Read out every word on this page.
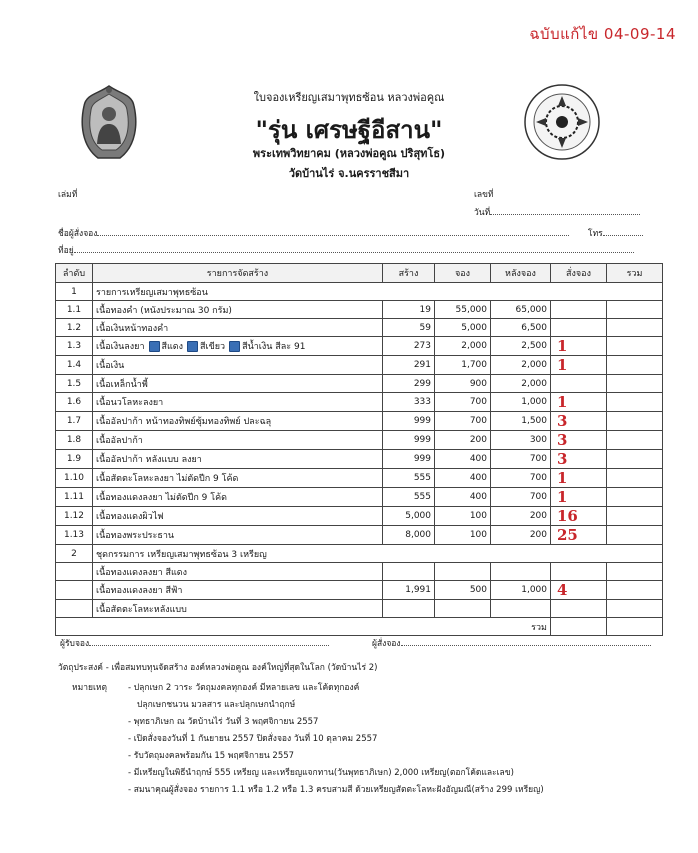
ฉบับแก้ไข 04-09-14
ใบจองเหรียญเสมาพุทธซ้อน หลวงพ่อคูณ
"รุ่น เศรษฐีอีสาน"
พระเทพวิทยาคม (หลวงพ่อคูณ ปริสุทโธ)
วัดบ้านไร่ จ.นครราชสีมา
เล่มที่	เลขที่
วันที่
ชื่อผู้สั่งจอง	โทร
ที่อยู่
ลำดับ	รายการจัดสร้าง	สร้าง	จอง	หลังจอง	สั่งจอง	รวม
1	รายการเหรียญเสมาพุทธซ้อน					
1.1	เนื้อทองคำ (หนังประมาณ 30 กรัม)	19	55,000	65,000		
1.2	เนื้อเงินหน้าทองคำ	59	5,000	6,500		
1.3	เนื้อเงินลงยา สีแดง สีเขียว สีน้ำเงิน สีละ 91	273	2,000	2,500	1	
1.4	เนื้อเงิน	291	1,700	2,000	1	
1.5	เนื้อเหล็กน้ำพี้	299	900	2,000		
1.6	เนื้อนวโลหะลงยา	333	700	1,000	1	
1.7	เนื้ออัลปาก้า หน้าทองทิพย์ซุ้มทองทิพย์ ปละฉลุ	999	700	1,500	3	
1.8	เนื้ออัลปาก้า	999	200	300	3	
1.9	เนื้ออัลปาก้า หลังแบบ ลงยา	999	400	700	3	
1.10	เนื้อสัตตะโลหะลงยา ไม่ตัดปีก 9 โค้ด	555	400	700	1	
1.11	เนื้อทองแดงลงยา ไม่ตัดปีก 9 โค้ด	555	400	700	1	
1.12	เนื้อทองแดงผิวไฟ	5,000	100	200	16	
1.13	เนื้อทองพระประธาน	8,000	100	200	25	
2	ชุดกรรมการ เหรียญเสมาพุทธซ้อน 3 เหรียญ					
	เนื้อทองแดงลงยา สีแดง					
	เนื้อทองแดงลงยา สีฟ้า	1,991	500	1,000	4	
	เนื้อสัตตะโลหะหลังแบบ					
	รวม					
ผู้รับจอง	ผู้สั่งจอง
วัตถุประสงค์ - เพื่อสมทบทุนจัดสร้าง องค์หลวงพ่อคูณ องค์ใหญ่ที่สุดในโลก (วัดบ้านไร่ 2)
หมายเหตุ - ปลุกเษก 2 วาระ วัตถุมงคลทุกองค์ มีหลายเลข และโค้ดทุกองค์
ปลุกเษกชนวน มวลสาร และปลุกเษกนำฤกษ์
- พุทธาภิเษก ณ วัดบ้านไร่ วันที่ 3 พฤศจิกายน 2557
- เปิดสั่งจองวันที่ 1 กันยายน 2557 ปิดสั่งจอง วันที่ 10 ตุลาคม 2557
- รับวัตถุมงคลพร้อมกัน 15 พฤศจิกายน 2557
- มีเหรียญในพิธีนำฤกษ์ 555 เหรียญ และเหรียญแจกทาน(วันพุทธาภิเษก) 2,000 เหรียญ(ตอกโค้ดและเลข)
- สมนาคุณผู้สั่งจอง รายการ 1.1 หรือ 1.2 หรือ 1.3 ครบสามสี ด้วยเหรียญสัตตะโลหะฝังอัญมณี(สร้าง 299 เหรียญ)
